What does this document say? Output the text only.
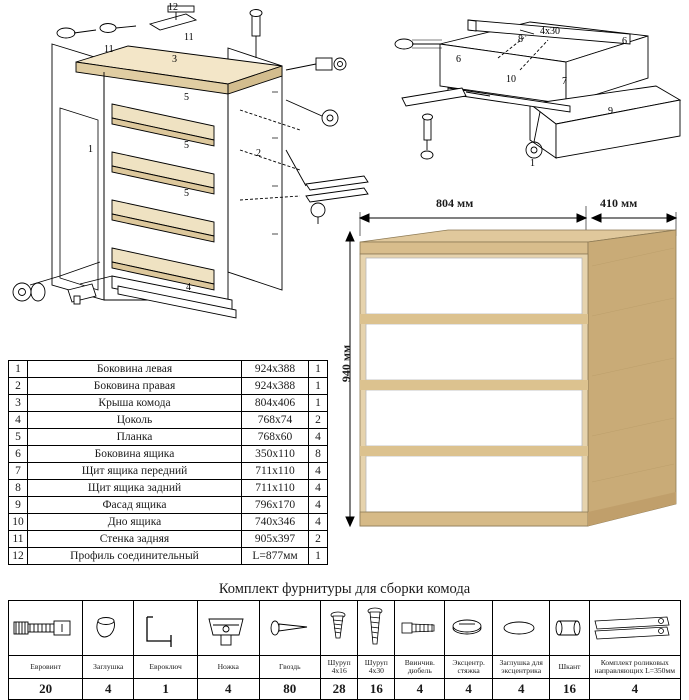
12
11
11
3
5
5
5
4
1	2
8
4х30
6
6
10	7
1
9
804 мм	410 мм
940 мм
1	Боковина левая	924х388	1
2	Боковина правая	924х388	1
3	Крыша комода	804х406	1
4	Цоколь	768х74	2
5	Планка	768х60	4
6	Боковина ящика	350х110	8
7	Щит ящика передний	711х110	4
8	Щит ящика задний	711х110	4
9	Фасад ящика	796х170	4
10	Дно ящика	740х346	4
11	Стенка задняя	905х397	2
12	Профиль соединительный	L=877мм	1
Комплект фурнитуры для сборки комода

Евровинт	Заглушка	Евроключ	Ножка	Гвоздь	Шуруп 4х16	Шуруп 4х30	Ввинчив. дюбель	Эксцентр. стяжка	Заглушка для эксцентрика	Шкант	Комплект роликовых направляющих L=350мм
20	4	1	4	80	28	16	4	4	4	16	4
